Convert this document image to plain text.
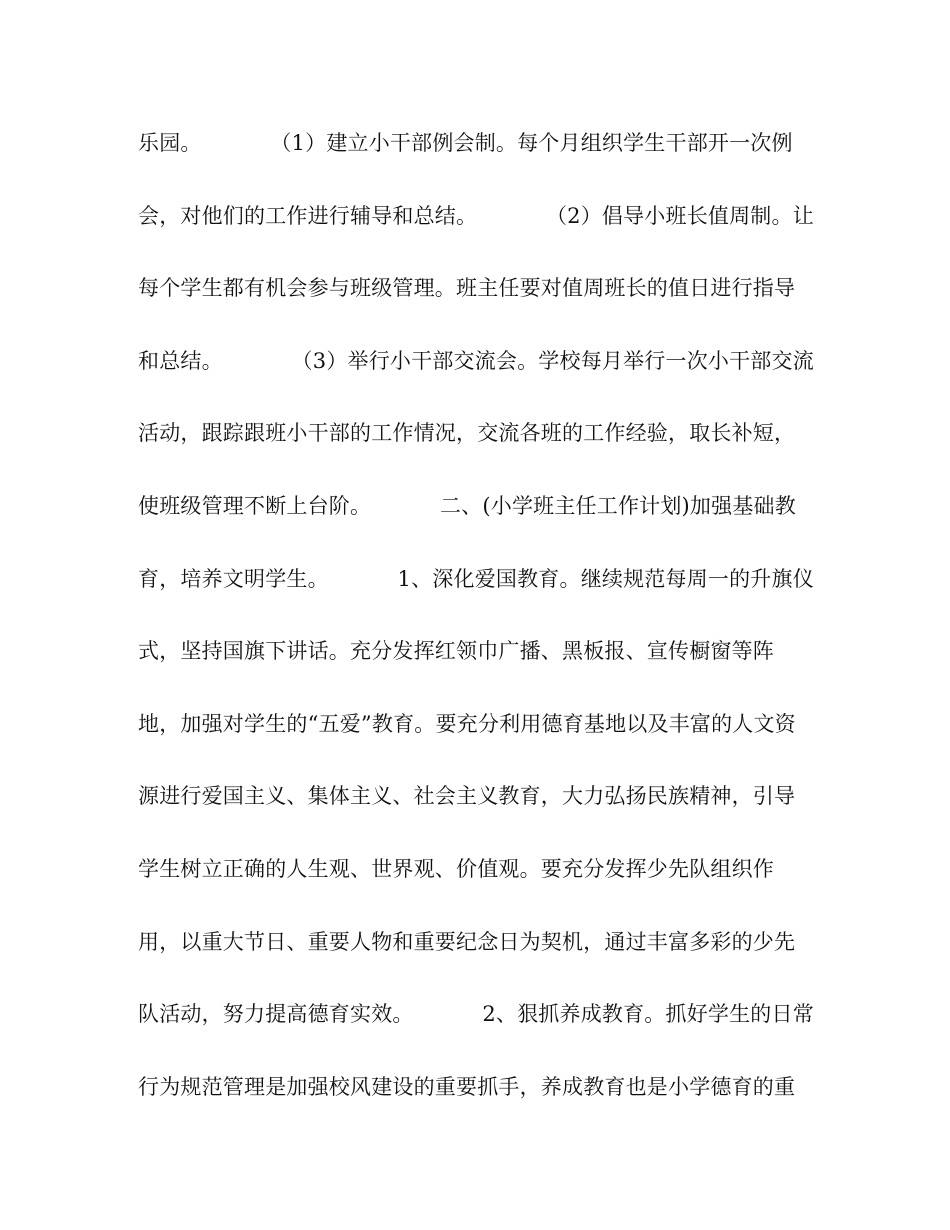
乐园。          （1）建立小干部例会制。每个月组织学生干部开一次例
会，对他们的工作进行辅导和总结。          （2）倡导小班长值周制。让
每个学生都有机会参与班级管理。班主任要对值周班长的值日进行指导
和总结。          （3）举行小干部交流会。学校每月举行一次小干部交流
活动，跟踪跟班小干部的工作情况，交流各班的工作经验，取长补短，
使班级管理不断上台阶。          二、(小学班主任工作计划)加强基础教
育，培养文明学生。          1、深化爱国教育。继续规范每周一的升旗仪
式，坚持国旗下讲话。充分发挥红领巾广播、黑板报、宣传橱窗等阵
地，加强对学生的“五爱”教育。要充分利用德育基地以及丰富的人文资
源进行爱国主义、集体主义、社会主义教育，大力弘扬民族精神，引导
学生树立正确的人生观、世界观、价值观。要充分发挥少先队组织作
用，以重大节日、重要人物和重要纪念日为契机，通过丰富多彩的少先
队活动，努力提高德育实效。          2、狠抓养成教育。抓好学生的日常
行为规范管理是加强校风建设的重要抓手，养成教育也是小学德育的重
